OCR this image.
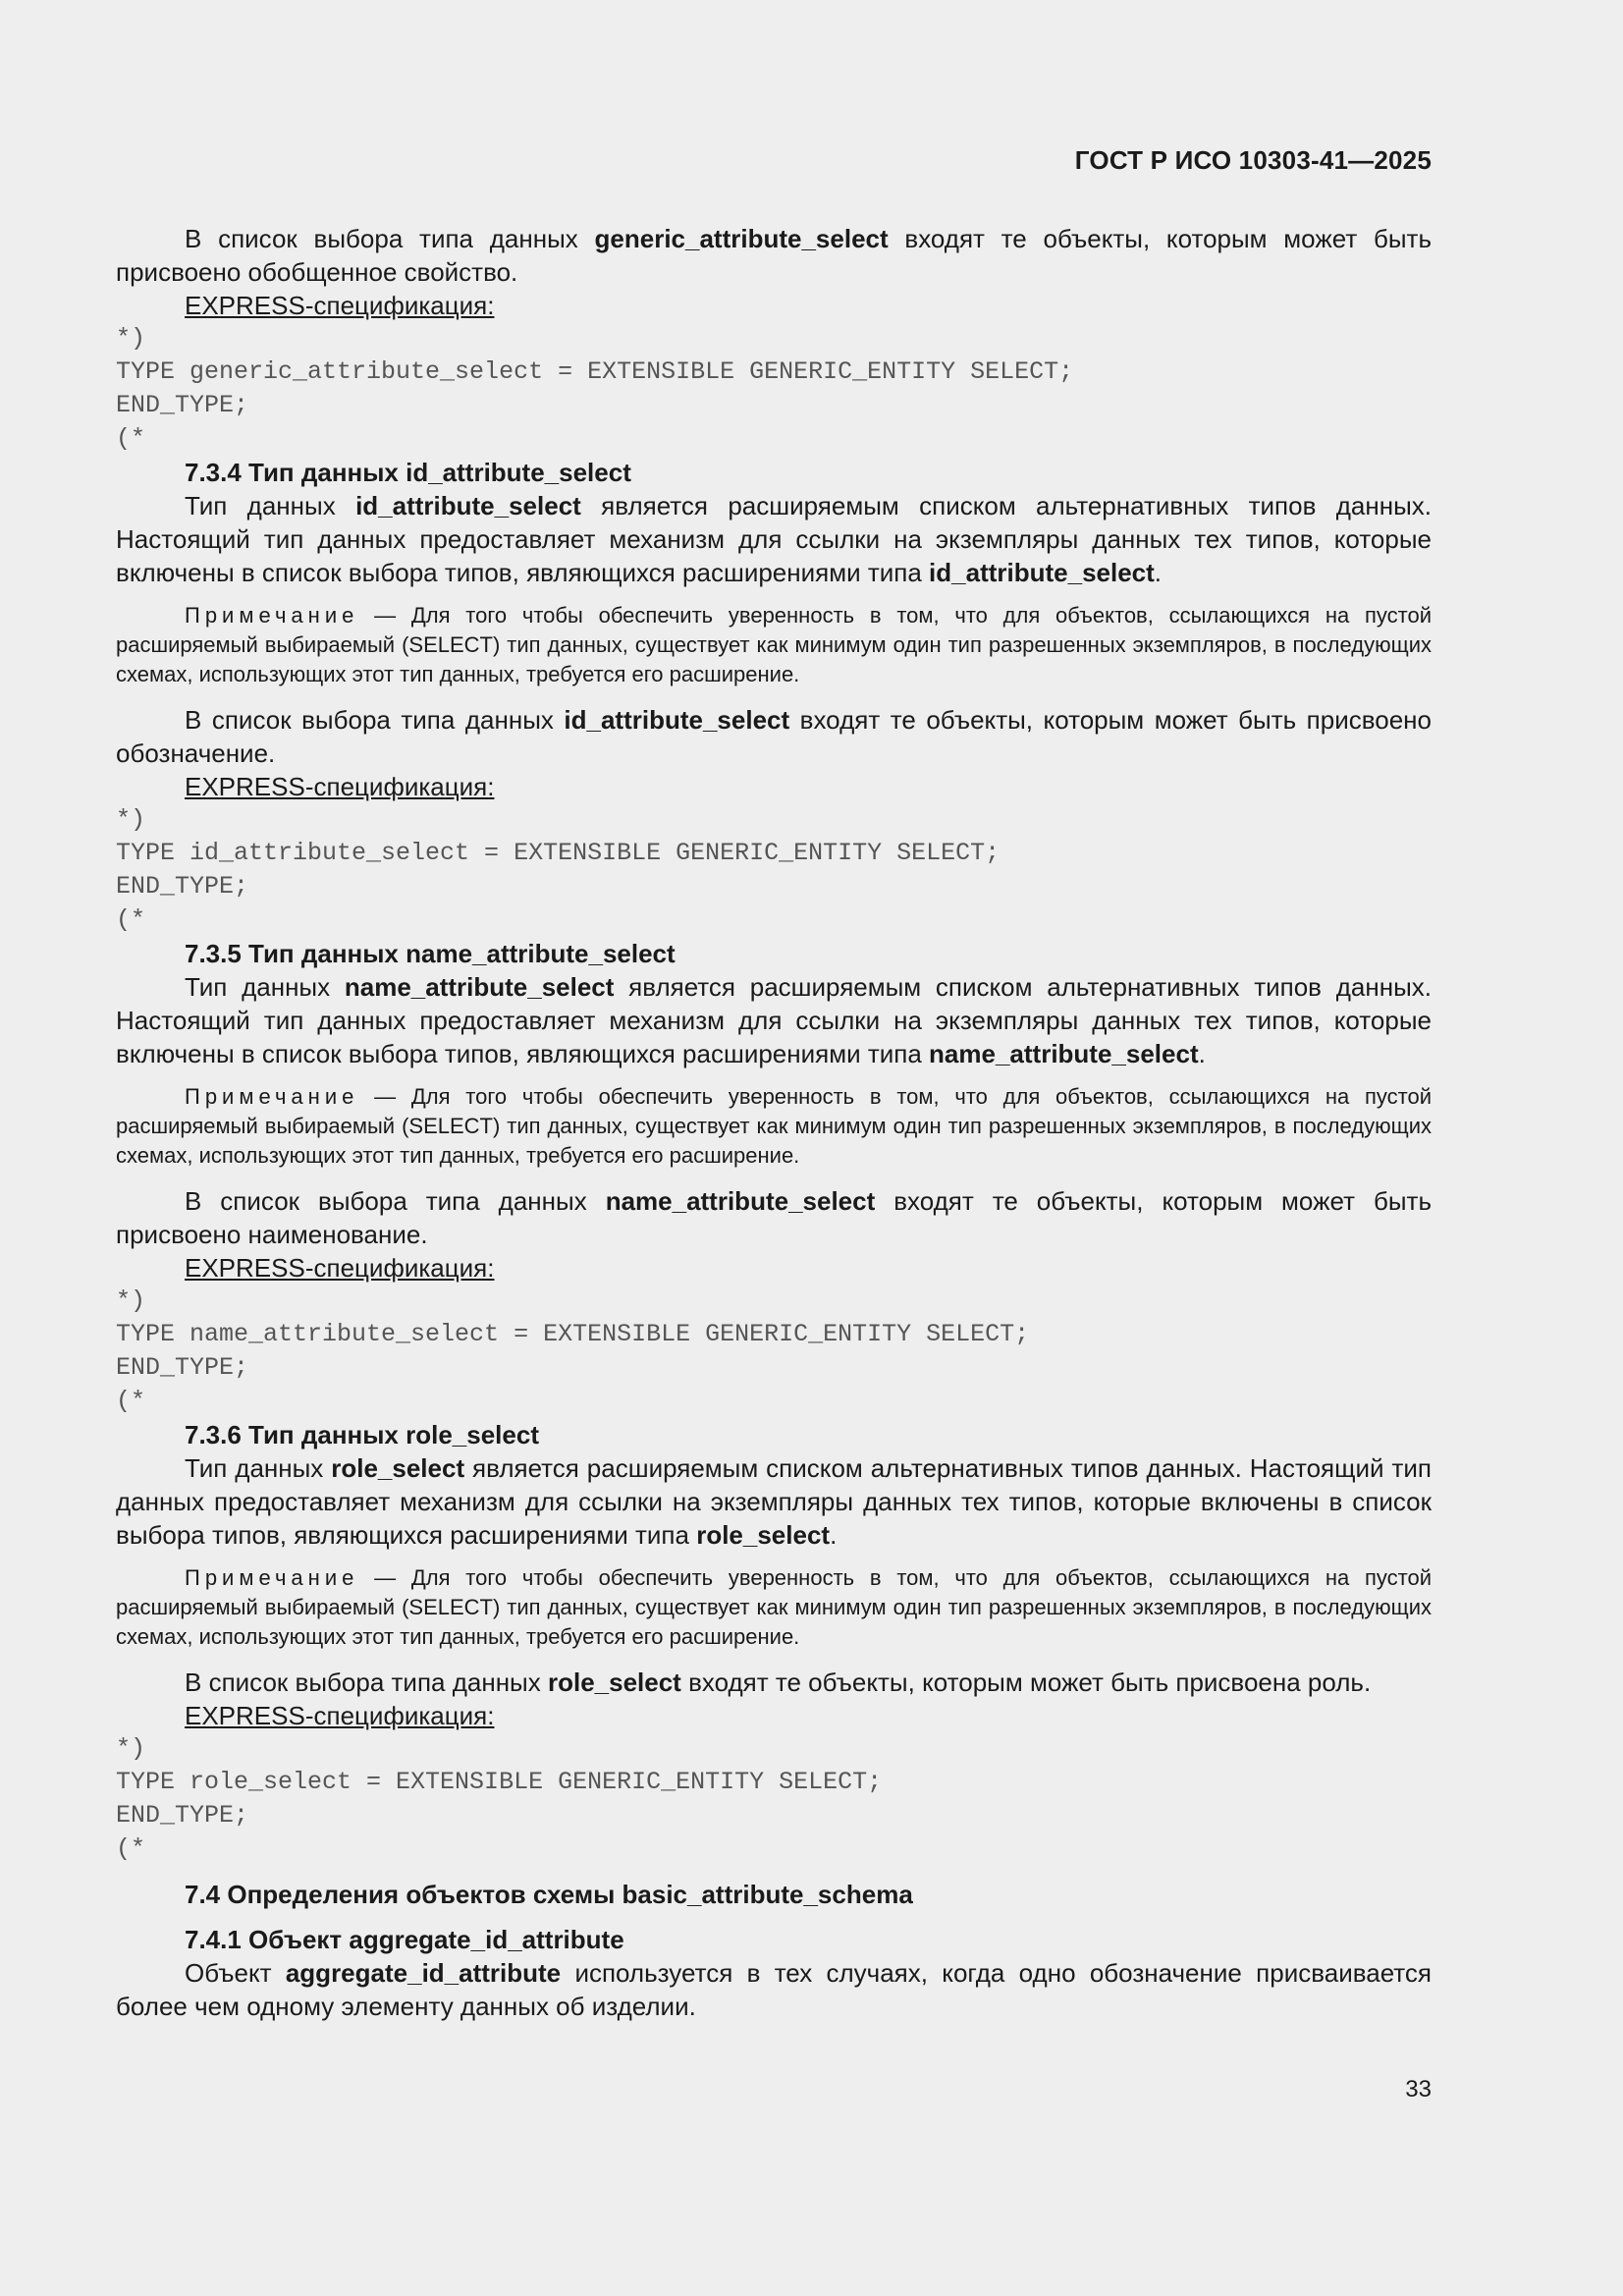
ГОСТ Р ИСО 10303-41—2025

В список выбора типа данных generic_attribute_select входят те объекты, которым может быть присвоено обобщенное свойство.

EXPRESS-спецификация:

*)
TYPE generic_attribute_select = EXTENSIBLE GENERIC_ENTITY SELECT;
END_TYPE;
(*

7.3.4 Тип данных id_attribute_select

Тип данных id_attribute_select является расширяемым списком альтернативных типов данных. Настоящий тип данных предоставляет механизм для ссылки на экземпляры данных тех типов, которые включены в список выбора типов, являющихся расширениями типа id_attribute_select.

Примечание — Для того чтобы обеспечить уверенность в том, что для объектов, ссылающихся на пустой расширяемый выбираемый (SELECT) тип данных, существует как минимум один тип разрешенных экземпляров, в последующих схемах, использующих этот тип данных, требуется его расширение.

В список выбора типа данных id_attribute_select входят те объекты, которым может быть присвоено обозначение.

EXPRESS-спецификация:

*)
TYPE id_attribute_select = EXTENSIBLE GENERIC_ENTITY SELECT;
END_TYPE;
(*

7.3.5 Тип данных name_attribute_select

Тип данных name_attribute_select является расширяемым списком альтернативных типов данных. Настоящий тип данных предоставляет механизм для ссылки на экземпляры данных тех типов, которые включены в список выбора типов, являющихся расширениями типа name_attribute_select.

Примечание — Для того чтобы обеспечить уверенность в том, что для объектов, ссылающихся на пустой расширяемый выбираемый (SELECT) тип данных, существует как минимум один тип разрешенных экземпляров, в последующих схемах, использующих этот тип данных, требуется его расширение.

В список выбора типа данных name_attribute_select входят те объекты, которым может быть присвоено наименование.

EXPRESS-спецификация:

*)
TYPE name_attribute_select = EXTENSIBLE GENERIC_ENTITY SELECT;
END_TYPE;
(*

7.3.6 Тип данных role_select

Тип данных role_select является расширяемым списком альтернативных типов данных. Настоящий тип данных предоставляет механизм для ссылки на экземпляры данных тех типов, которые включены в список выбора типов, являющихся расширениями типа role_select.

Примечание — Для того чтобы обеспечить уверенность в том, что для объектов, ссылающихся на пустой расширяемый выбираемый (SELECT) тип данных, существует как минимум один тип разрешенных экземпляров, в последующих схемах, использующих этот тип данных, требуется его расширение.

В список выбора типа данных role_select входят те объекты, которым может быть присвоена роль.

EXPRESS-спецификация:

*)
TYPE role_select = EXTENSIBLE GENERIC_ENTITY SELECT;
END_TYPE;
(*

7.4 Определения объектов схемы basic_attribute_schema

7.4.1 Объект aggregate_id_attribute

Объект aggregate_id_attribute используется в тех случаях, когда одно обозначение присваивается более чем одному элементу данных об изделии.

33
